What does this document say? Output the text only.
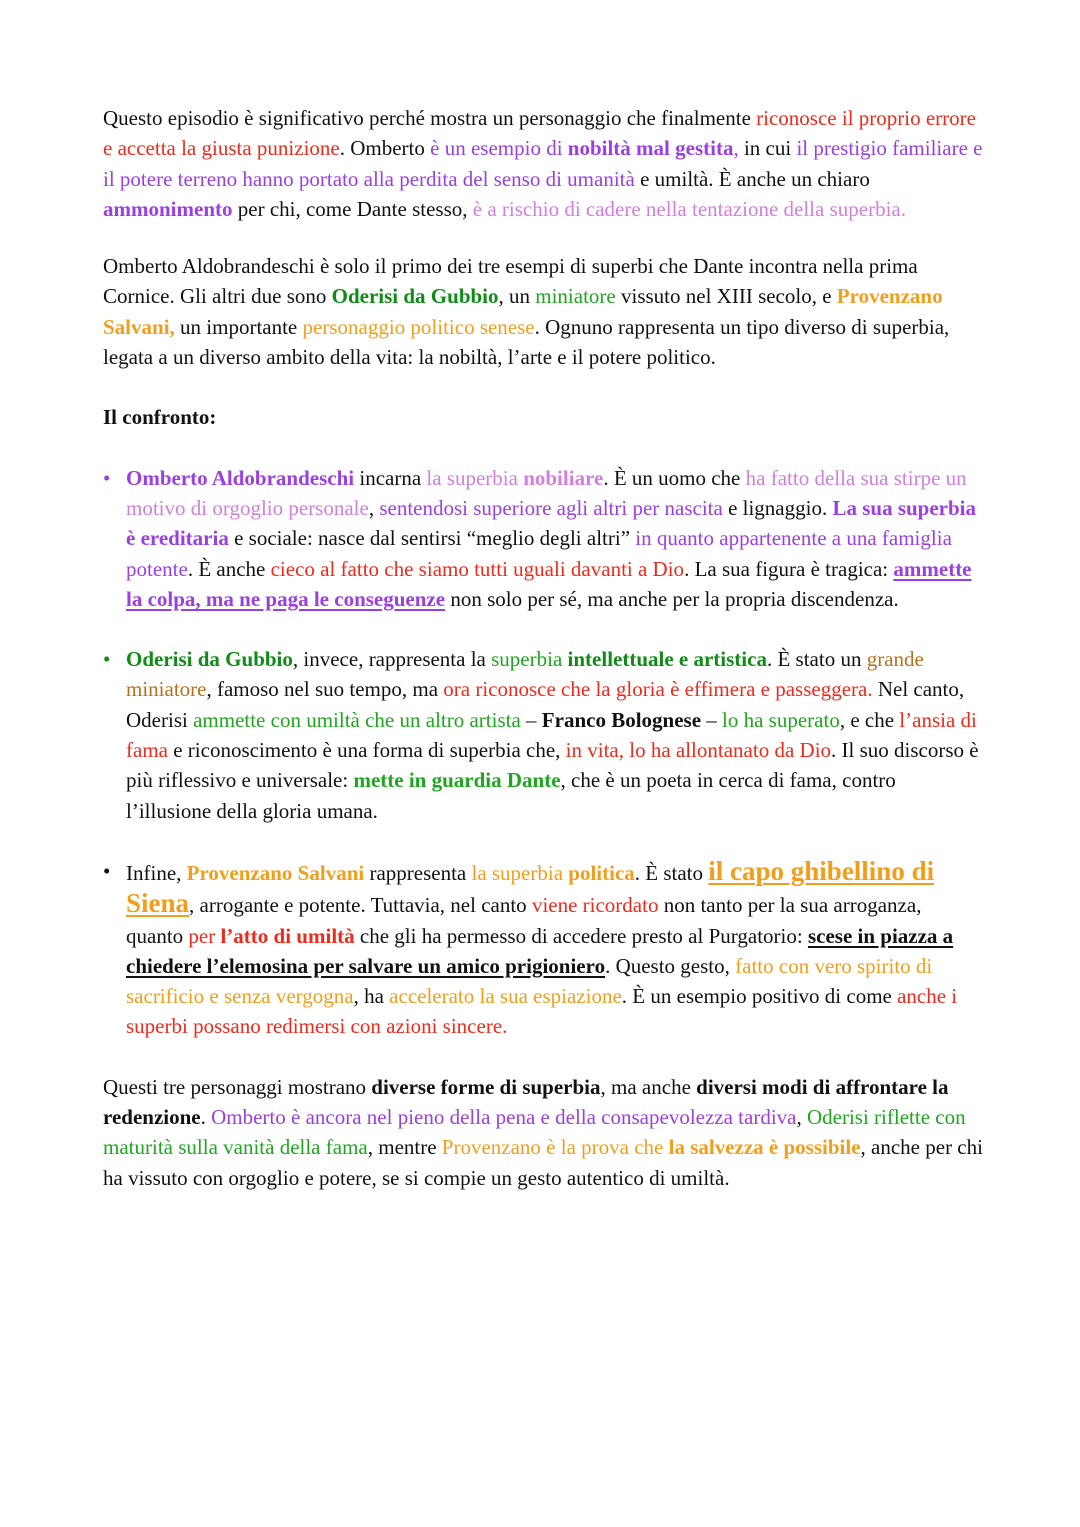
Questo episodio è significativo perché mostra un personaggio che finalmente riconosce il proprio errore e accetta la giusta punizione. Omberto è un esempio di nobiltà mal gestita, in cui il prestigio familiare e il potere terreno hanno portato alla perdita del senso di umanità e umiltà. È anche un chiaro ammonimento per chi, come Dante stesso, è a rischio di cadere nella tentazione della superbia.

Omberto Aldobrandeschi è solo il primo dei tre esempi di superbi che Dante incontra nella prima Cornice. Gli altri due sono Oderisi da Gubbio, un miniatore vissuto nel XIII secolo, e Provenzano Salvani, un importante personaggio politico senese. Ognuno rappresenta un tipo diverso di superbia, legata a un diverso ambito della vita: la nobiltà, l’arte e il potere politico.

Il confronto:

• Omberto Aldobrandeschi incarna la superbia nobiliare. È un uomo che ha fatto della sua stirpe un motivo di orgoglio personale, sentendosi superiore agli altri per nascita e lignaggio. La sua superbia è ereditaria e sociale: nasce dal sentirsi “meglio degli altri” in quanto appartenente a una famiglia potente. È anche cieco al fatto che siamo tutti uguali davanti a Dio. La sua figura è tragica: ammette la colpa, ma ne paga le conseguenze non solo per sé, ma anche per la propria discendenza.
• Oderisi da Gubbio, invece, rappresenta la superbia intellettuale e artistica. È stato un grande miniatore, famoso nel suo tempo, ma ora riconosce che la gloria è effimera e passeggera. Nel canto, Oderisi ammette con umiltà che un altro artista – Franco Bolognese – lo ha superato, e che l’ansia di fama e riconoscimento è una forma di superbia che, in vita, lo ha allontanato da Dio. Il suo discorso è più riflessivo e universale: mette in guardia Dante, che è un poeta in cerca di fama, contro l’illusione della gloria umana.
• Infine, Provenzano Salvani rappresenta la superbia politica. È stato il capo ghibellino di Siena, arrogante e potente. Tuttavia, nel canto viene ricordato non tanto per la sua arroganza, quanto per l’atto di umiltà che gli ha permesso di accedere presto al Purgatorio: scese in piazza a chiedere l’elemosina per salvare un amico prigioniero. Questo gesto, fatto con vero spirito di sacrificio e senza vergogna, ha accelerato la sua espiazione. È un esempio positivo di come anche i superbi possano redimersi con azioni sincere.

Questi tre personaggi mostrano diverse forme di superbia, ma anche diversi modi di affrontare la redenzione. Omberto è ancora nel pieno della pena e della consapevolezza tardiva, Oderisi riflette con maturità sulla vanità della fama, mentre Provenzano è la prova che la salvezza è possibile, anche per chi ha vissuto con orgoglio e potere, se si compie un gesto autentico di umiltà.
